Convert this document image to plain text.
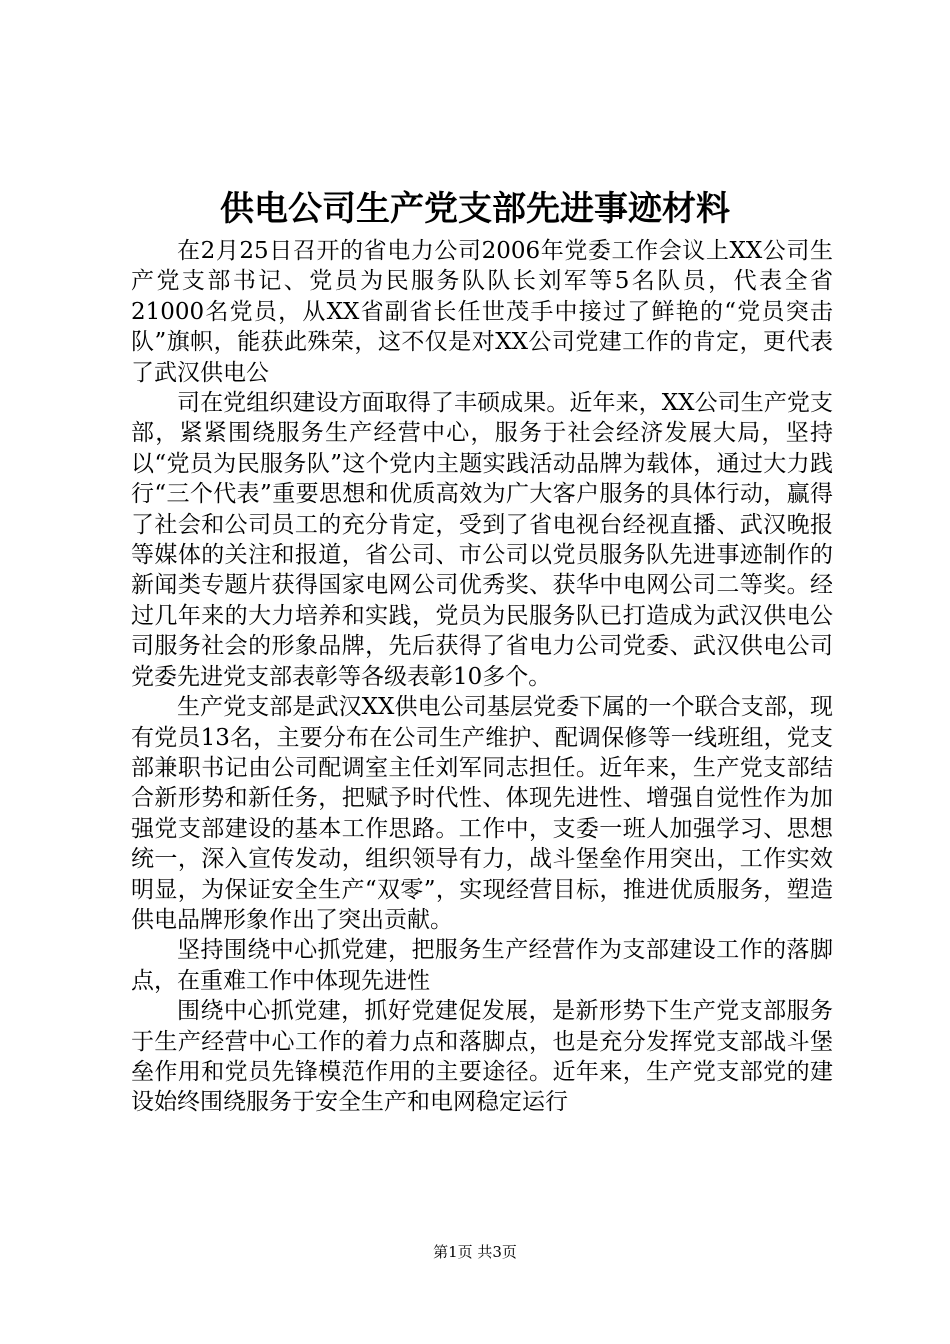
供电公司生产党支部先进事迹材料

在2月25日召开的省电力公司2006年党委工作会议上XX公司生产党支部书记、党员为民服务队队长刘军等5名队员，代表全省21000名党员，从XX省副省长任世茂手中接过了鲜艳的“党员突击队”旗帜，能获此殊荣，这不仅是对XX公司党建工作的肯定，更代表了武汉供电公

司在党组织建设方面取得了丰硕成果。近年来，XX公司生产党支部，紧紧围绕服务生产经营中心，服务于社会经济发展大局，坚持以“党员为民服务队”这个党内主题实践活动品牌为载体，通过大力践行“三个代表”重要思想和优质高效为广大客户服务的具体行动，赢得了社会和公司员工的充分肯定，受到了省电视台经视直播、武汉晚报等媒体的关注和报道，省公司、市公司以党员服务队先进事迹制作的新闻类专题片获得国家电网公司优秀奖、获华中电网公司二等奖。经过几年来的大力培养和实践，党员为民服务队已打造成为武汉供电公司服务社会的形象品牌，先后获得了省电力公司党委、武汉供电公司党委先进党支部表彰等各级表彰10多个。

生产党支部是武汉XX供电公司基层党委下属的一个联合支部，现有党员13名，主要分布在公司生产维护、配调保修等一线班组，党支部兼职书记由公司配调室主任刘军同志担任。近年来，生产党支部结合新形势和新任务，把赋予时代性、体现先进性、增强自觉性作为加强党支部建设的基本工作思路。工作中，支委一班人加强学习、思想统一，深入宣传发动，组织领导有力，战斗堡垒作用突出，工作实效明显，为保证安全生产“双零”，实现经营目标，推进优质服务，塑造供电品牌形象作出了突出贡献。

坚持围绕中心抓党建，把服务生产经营作为支部建设工作的落脚点，在重难工作中体现先进性

围绕中心抓党建，抓好党建促发展，是新形势下生产党支部服务于生产经营中心工作的着力点和落脚点，也是充分发挥党支部战斗堡垒作用和党员先锋模范作用的主要途径。近年来，生产党支部党的建设始终围绕服务于安全生产和电网稳定运行

第1页 共3页
